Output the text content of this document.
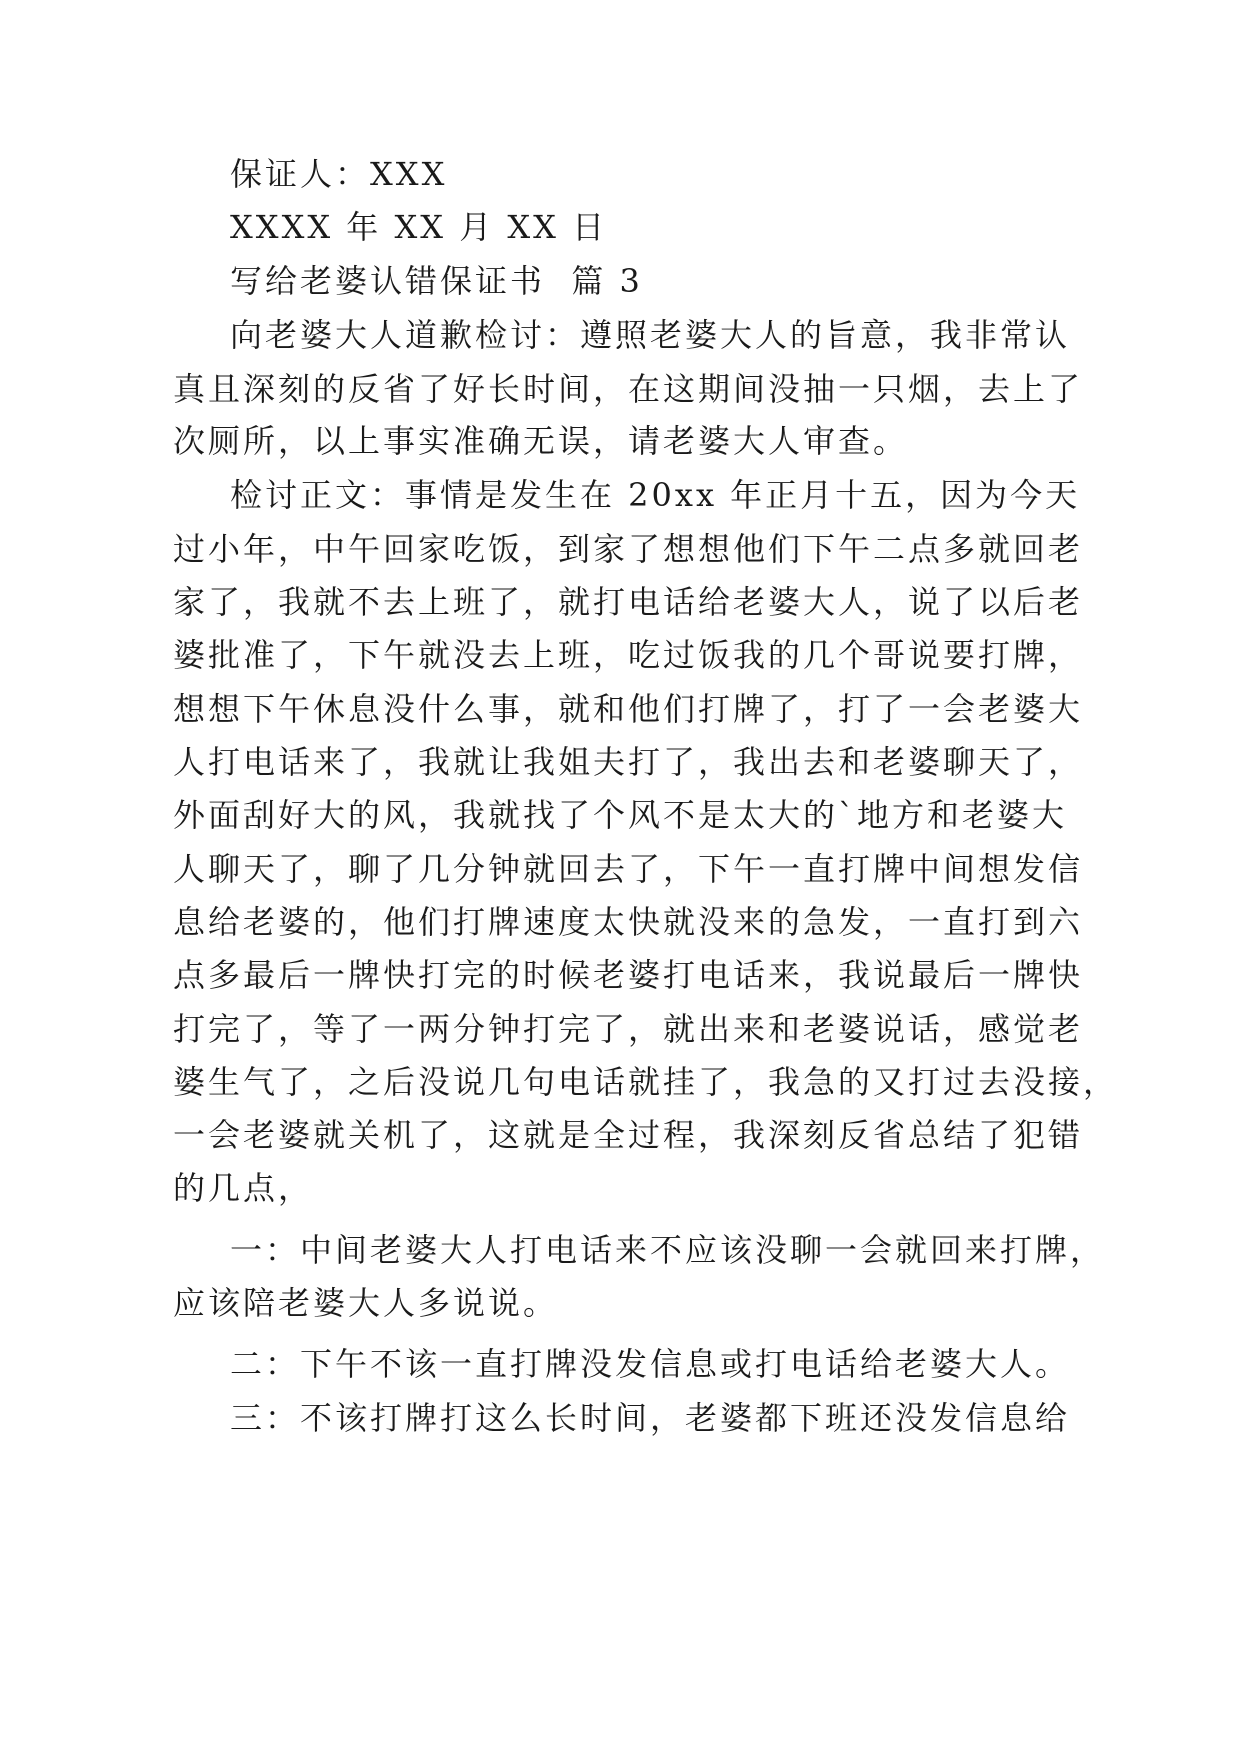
保证人：XXX

XXXX 年 XX 月 XX 日

写给老婆认错保证书  篇 3

向老婆大人道歉检讨：遵照老婆大人的旨意，我非常认

真且深刻的反省了好长时间，在这期间没抽一只烟，去上了

次厕所，以上事实准确无误，请老婆大人审查。

检讨正文：事情是发生在 20xx 年正月十五，因为今天

过小年，中午回家吃饭，到家了想想他们下午二点多就回老

家了，我就不去上班了，就打电话给老婆大人，说了以后老

婆批准了，下午就没去上班，吃过饭我的几个哥说要打牌，

想想下午休息没什么事，就和他们打牌了，打了一会老婆大

人打电话来了，我就让我姐夫打了，我出去和老婆聊天了，

外面刮好大的风，我就找了个风不是太大的`地方和老婆大

人聊天了，聊了几分钟就回去了，下午一直打牌中间想发信

息给老婆的，他们打牌速度太快就没来的急发，一直打到六

点多最后一牌快打完的时候老婆打电话来，我说最后一牌快

打完了，等了一两分钟打完了，就出来和老婆说话，感觉老

婆生气了，之后没说几句电话就挂了，我急的又打过去没接，

一会老婆就关机了，这就是全过程，我深刻反省总结了犯错

的几点，

一：中间老婆大人打电话来不应该没聊一会就回来打牌，

应该陪老婆大人多说说。

二：下午不该一直打牌没发信息或打电话给老婆大人。

三：不该打牌打这么长时间，老婆都下班还没发信息给
